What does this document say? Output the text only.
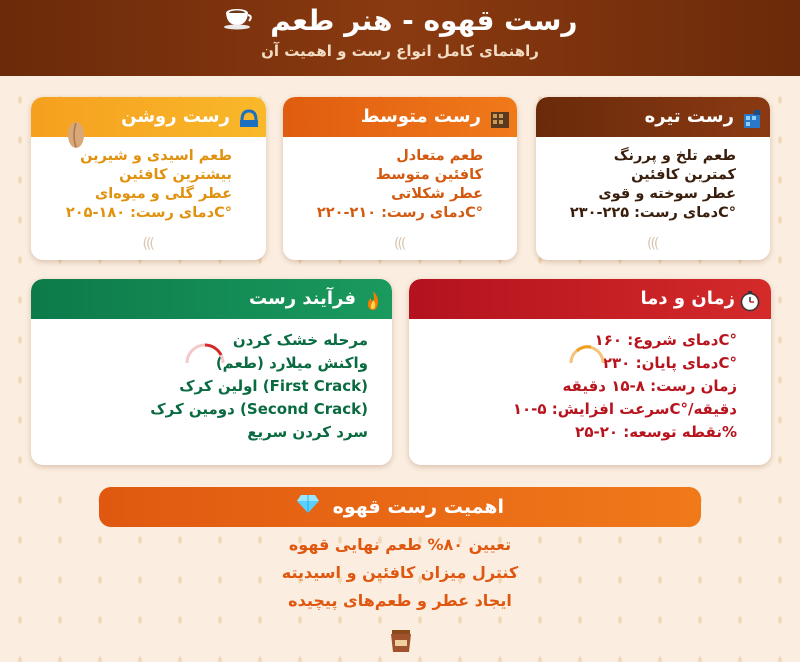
رست قهوه - هنر طعم
راهنمای کامل انواع رست و اهمیت آن
رست تیره
طعم تلخ و پررنگ
کمترین کافئین
عطر سوخته و قوی
°Cدمای رست: ۲۲۵-۲۳۰
)))
رست متوسط
طعم متعادل
کافئین متوسط
عطر شکلاتی
°Cدمای رست: ۲۱۰-۲۲۰
)))
رست روشن
طعم اسیدی و شیرین
بیشترین کافئین
عطر گلی و میوه‌ای
°Cدمای رست: ۱۸۰-۲۰۵
)))
زمان و دما
°Cدمای شروع: ۱۶۰
°Cدمای پایان: ۲۳۰
زمان رست: ۸-۱۵ دقیقه
دقیقه/°Cسرعت افزایش: ۵-۱۰
%نقطه توسعه: ۲۰-۲۵
فرآیند رست
مرحله خشک کردن
واکنش میلارد (طعم)
(First Crack) اولین کرک
(Second Crack) دومین کرک
سرد کردن سریع
اهمیت رست قهوه
تعیین ۸۰% طعم نهایی قهوه
کنترل میزان کافئین و اسیدیته
ایجاد عطر و طعم‌های پیچیده
